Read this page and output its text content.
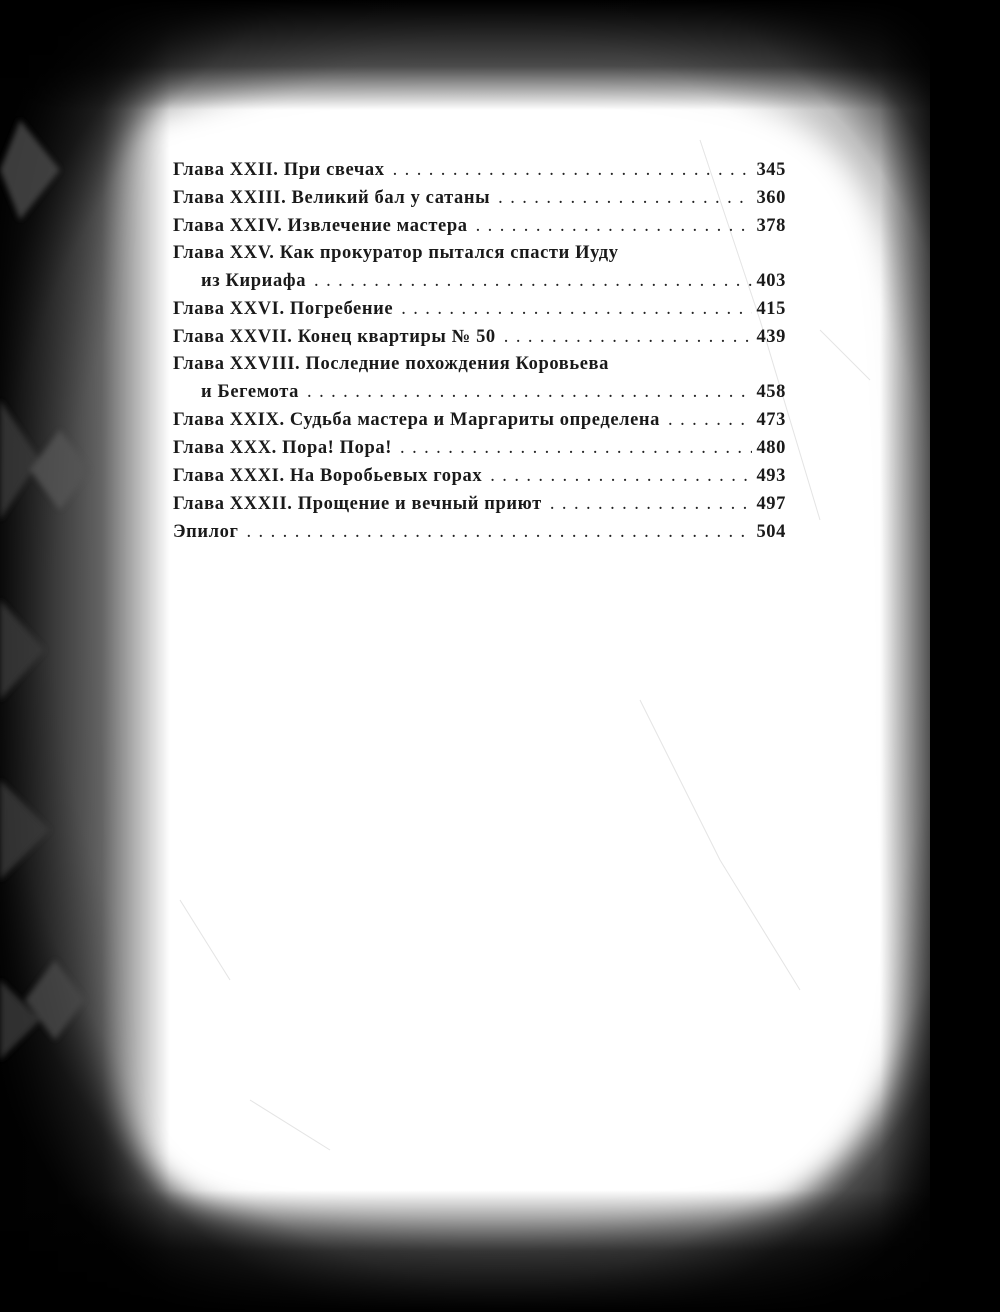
Глава XXII. При свечах . . .	345
Глава XXIII. Великий бал у сатаны . . .	360
Глава XXIV. Извлечение мастера . . .	378
Глава XXV. Как прокуратор пытался спасти Иуду
из Кириафа . . .	403
Глава XXVI. Погребение . . .	415
Глава XXVII. Конец квартиры № 50 . . .	439
Глава XXVIII. Последние похождения Коровьева
и Бегемота . . .	458
Глава XXIX. Судьба мастера и Маргариты определена . . .	473
Глава XXX. Пора! Пора! . . .	480
Глава XXXI. На Воробьевых горах . . .	493
Глава XXXII. Прощение и вечный приют . . .	497
Эпилог . . .	504
